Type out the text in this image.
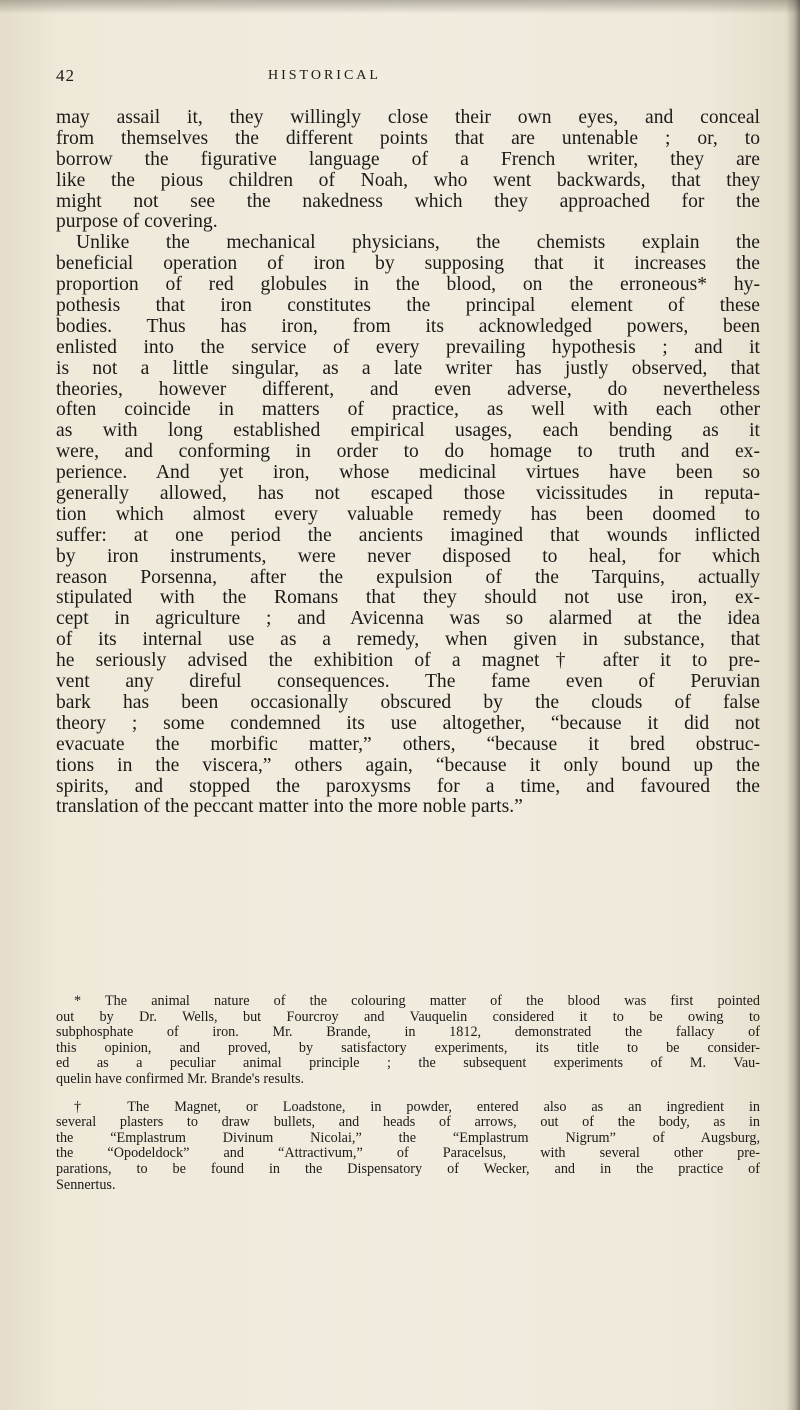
42	HISTORICAL
may assail it, they willingly close their own eyes, and conceal
from themselves the different points that are untenable ; or, to
borrow the figurative language of a French writer, they are
like the pious children of Noah, who went backwards, that they
might not see the nakedness which they approached for the
purpose of covering.
Unlike the mechanical physicians, the chemists explain the
beneficial operation of iron by supposing that it increases the
proportion of red globules in the blood, on the erroneous* hy-
pothesis that iron constitutes the principal element of these
bodies. Thus has iron, from its acknowledged powers, been
enlisted into the service of every prevailing hypothesis ; and it
is not a little singular, as a late writer has justly observed, that
theories, however different, and even adverse, do nevertheless
often coincide in matters of practice, as well with each other
as with long established empirical usages, each bending as it
were, and conforming in order to do homage to truth and ex-
perience. And yet iron, whose medicinal virtues have been so
generally allowed, has not escaped those vicissitudes in reputa-
tion which almost every valuable remedy has been doomed to
suffer: at one period the ancients imagined that wounds inflicted
by iron instruments, were never disposed to heal, for which
reason Porsenna, after the expulsion of the Tarquins, actually
stipulated with the Romans that they should not use iron, ex-
cept in agriculture ; and Avicenna was so alarmed at the idea
of its internal use as a remedy, when given in substance, that
he seriously advised the exhibition of a magnet† after it to pre-
vent any direful consequences. The fame even of Peruvian
bark has been occasionally obscured by the clouds of false
theory ; some condemned its use altogether, “because it did not
evacuate the morbific matter,” others, “because it bred obstruc-
tions in the viscera,” others again, “because it only bound up the
spirits, and stopped the paroxysms for a time, and favoured the
translation of the peccant matter into the more noble parts.”
* The animal nature of the colouring matter of the blood was first pointed
out by Dr. Wells, but Fourcroy and Vauquelin considered it to be owing to
subphosphate of iron. Mr. Brande, in 1812, demonstrated the fallacy of
this opinion, and proved, by satisfactory experiments, its title to be consider-
ed as a peculiar animal principle ; the subsequent experiments of M. Vau-
quelin have confirmed Mr. Brande's results.
† The Magnet, or Loadstone, in powder, entered also as an ingredient in
several plasters to draw bullets, and heads of arrows, out of the body, as in
the “Emplastrum Divinum Nicolai,” the “Emplastrum Nigrum” of Augsburg,
the “Opodeldock” and “Attractivum,” of Paracelsus, with several other pre-
parations, to be found in the Dispensatory of Wecker, and in the practice of
Sennertus.
